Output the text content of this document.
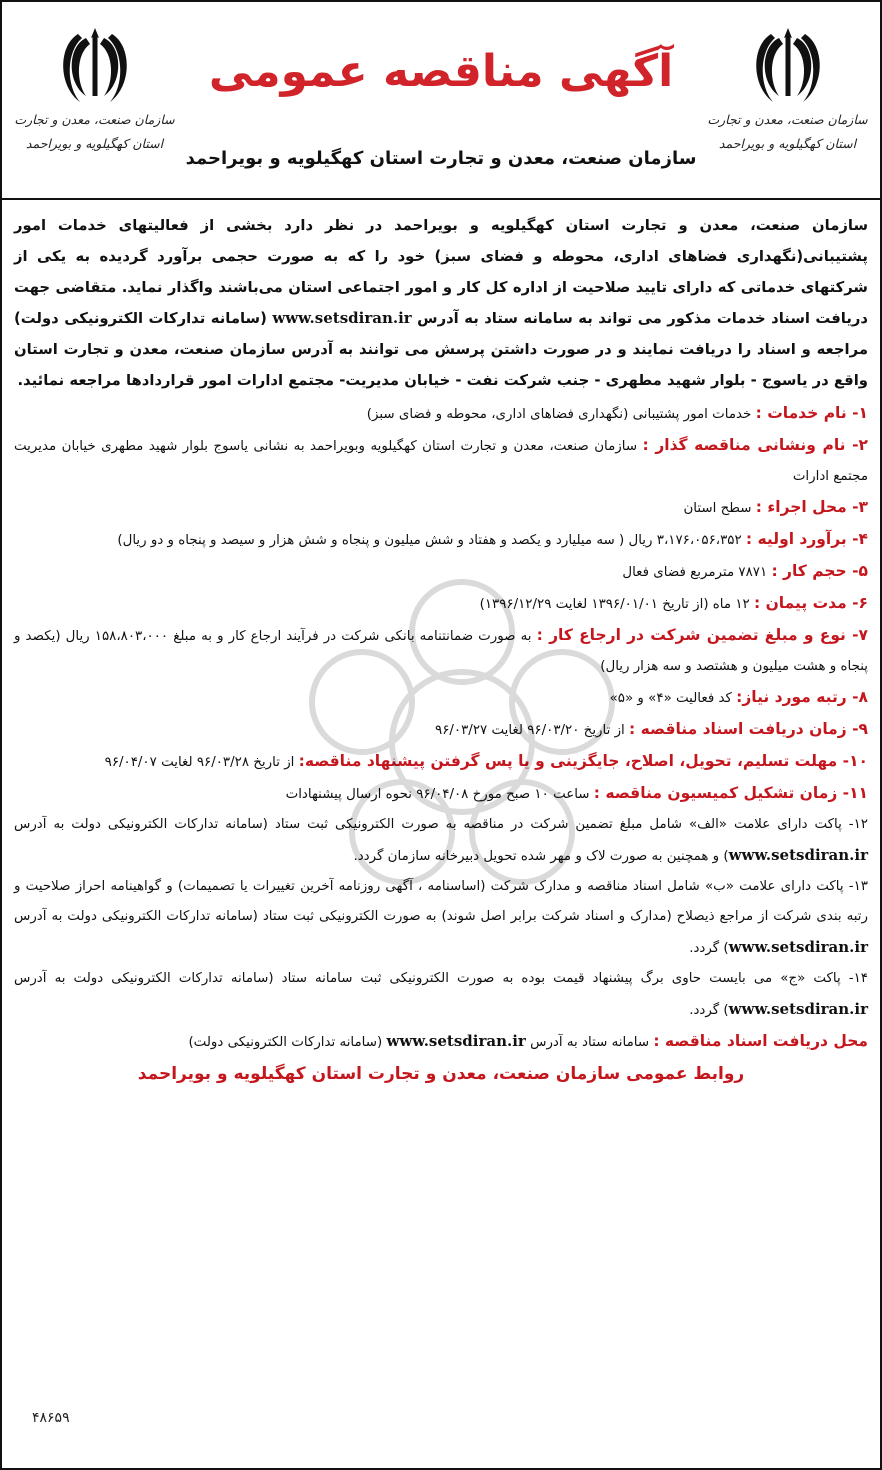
سازمان صنعت، معدن و تجارت
استان کهگیلویه و بویراحمد
آگهی مناقصه عمومی
سازمان صنعت، معدن و تجارت استان کهگیلویه و بویراحمد
سازمان صنعت، معدن و تجارت
استان کهگیلویه و بویراحمد
سازمان صنعت، معدن و تجارت استان کهگیلویه و بویراحمد در نظر دارد بخشی از فعالیتهای خدمات امور پشتیبانی(نگهداری فضاهای اداری، محوطه و فضای سبز) خود را که به صورت حجمی برآورد گردیده به یکی از شرکتهای خدماتی که دارای تایید صلاحیت از اداره کل کار و امور اجتماعی استان می‌باشند واگذار نماید. متقاضی جهت دریافت اسناد خدمات مذکور می تواند به سامانه ستاد به آدرس www.setsdiran.ir (سامانه تدارکات الکترونیکی دولت) مراجعه و اسناد را دریافت نمایند و در صورت داشتن پرسش می توانند به آدرس سازمان صنعت، معدن و تجارت استان واقع در یاسوج - بلوار شهید مطهری - جنب شرکت نفت - خیابان مدیریت- مجتمع ادارات امور قراردادها مراجعه نمائید.
۱- نام خدمات : خدمات امور پشتیبانی (نگهداری فضاهای اداری، محوطه و فضای سبز)
۲- نام ونشانی مناقصه گذار : سازمان صنعت، معدن و تجارت استان کهگیلویه وبویراحمد به نشانی یاسوج بلوار شهید مطهری خیابان مدیریت مجتمع ادارات
۳- محل اجراء : سطح استان
۴- برآورد اولیه : ۳،۱۷۶،۰۵۶،۳۵۲ ریال ( سه میلیارد و یکصد و هفتاد و شش میلیون و پنجاه و شش هزار و سیصد و پنجاه و دو ریال)
۵- حجم کار : ۷۸۷۱ مترمربع فضای فعال
۶- مدت پیمان : ۱۲ ماه (از تاریخ ۱۳۹۶/۰۱/۰۱ لغایت ۱۳۹۶/۱۲/۲۹)
۷- نوع و مبلغ تضمین شرکت در ارجاع کار : به صورت ضمانتنامه بانکی شرکت در فرآیند ارجاع کار و به مبلغ ۱۵۸،۸۰۳،۰۰۰ ریال (یکصد و پنجاه و هشت میلیون و هشتصد و سه هزار ریال)
۸- رتبه مورد نیاز: کد فعالیت «۴» و «۵»
۹- زمان دریافت اسناد مناقصه : از تاریخ ۹۶/۰۳/۲۰ لغایت ۹۶/۰۳/۲۷
۱۰- مهلت تسلیم، تحویل، اصلاح، جایگزینی و یا پس گرفتن پیشنهاد مناقصه: از تاریخ ۹۶/۰۳/۲۸ لغایت ۹۶/۰۴/۰۷
۱۱- زمان تشکیل کمیسیون مناقصه : ساعت ۱۰ صبح مورخ ۹۶/۰۴/۰۸ نحوه ارسال پیشنهادات
۱۲- پاکت دارای علامت «الف» شامل مبلغ تضمین شرکت در مناقصه به صورت الکترونیکی ثبت ستاد (سامانه تدارکات الکترونیکی دولت به آدرس www.setsdiran.ir) و همچنین به صورت لاک و مهر شده تحویل دبیرخانه سازمان گردد.
۱۳- پاکت دارای علامت «ب» شامل اسناد مناقصه و مدارک شرکت (اساسنامه ، آگهی روزنامه آخرین تغییرات یا تصمیمات) و گواهینامه احراز صلاحیت و رتبه بندی شرکت از مراجع ذیصلاح (مدارک و اسناد شرکت برابر اصل شوند) به صورت الکترونیکی ثبت ستاد (سامانه تدارکات الکترونیکی دولت به آدرس www.setsdiran.ir) گردد.
۱۴- پاکت «ج» می بایست حاوی برگ پیشنهاد قیمت بوده به صورت الکترونیکی ثبت سامانه ستاد (سامانه تدارکات الکترونیکی دولت به آدرس www.setsdiran.ir) گردد.
محل دریافت اسناد مناقصه : سامانه ستاد به آدرس www.setsdiran.ir (سامانه تدارکات الکترونیکی دولت)
روابط عمومی سازمان صنعت، معدن و تجارت استان کهگیلویه و بویراحمد
۴۸۶۵۹
